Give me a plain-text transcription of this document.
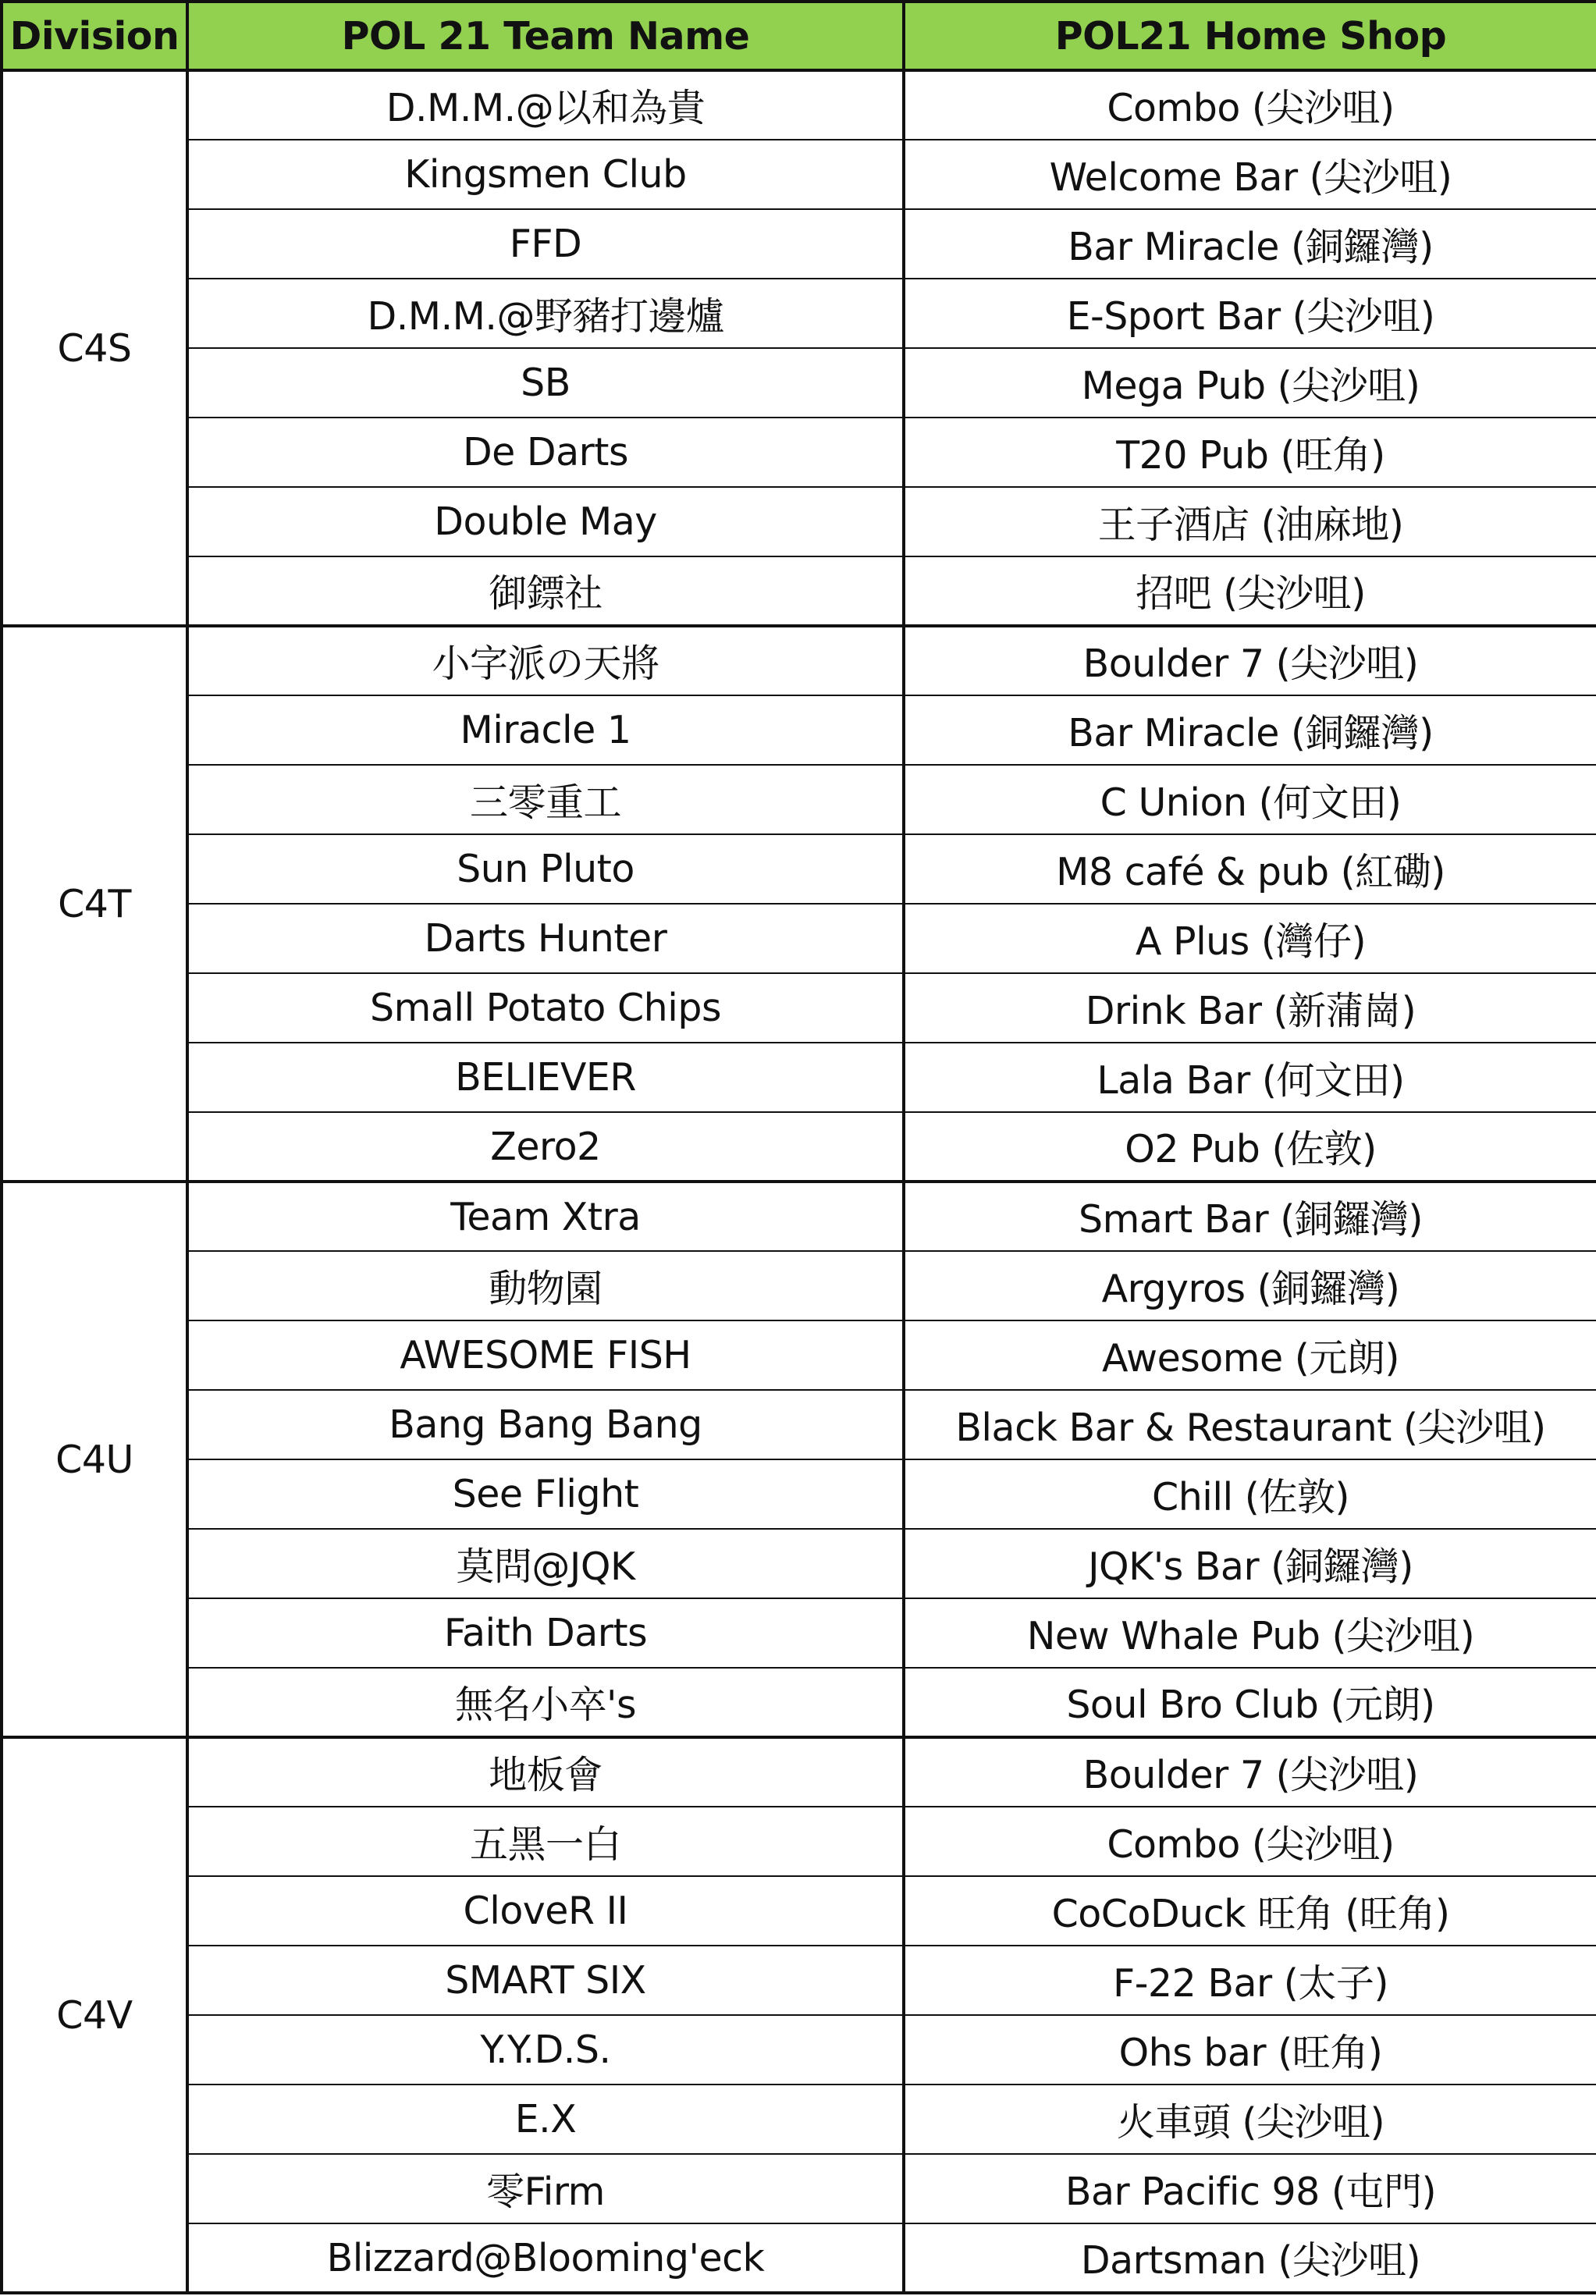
Division	POL 21 Team Name	POL21 Home Shop
C4S	D.M.M.@以和為貴	Combo (尖沙咀)
	Kingsmen Club	Welcome Bar (尖沙咀)
	FFD	Bar Miracle (銅鑼灣)
	D.M.M.@野豬打邊爐	E-Sport Bar (尖沙咀)
	SB	Mega Pub (尖沙咀)
	De Darts	T20 Pub (旺角)
	Double May	王子酒店 (油麻地)
	御鏢社	招吧 (尖沙咀)
C4T	小字派の天將	Boulder 7 (尖沙咀)
	Miracle 1	Bar Miracle (銅鑼灣)
	三零重工	C Union (何文田)
	Sun Pluto	M8 café & pub (紅磡)
	Darts Hunter	A Plus (灣仔)
	Small Potato Chips	Drink Bar (新蒲崗)
	BELIEVER	Lala Bar (何文田)
	Zero2	O2 Pub (佐敦)
C4U	Team Xtra	Smart Bar (銅鑼灣)
	動物園	Argyros (銅鑼灣)
	AWESOME FISH	Awesome (元朗)
	Bang Bang Bang	Black Bar & Restaurant (尖沙咀)
	See Flight	Chill (佐敦)
	莫問@JQK	JQK's Bar (銅鑼灣)
	Faith Darts	New Whale Pub (尖沙咀)
	無名小卒's	Soul Bro Club (元朗)
C4V	地板會	Boulder 7 (尖沙咀)
	五黑一白	Combo (尖沙咀)
	CloveR II	CoCoDuck 旺角 (旺角)
	SMART SIX	F-22 Bar (太子)
	Y.Y.D.S.	Ohs bar (旺角)
	E.X	火車頭 (尖沙咀)
	零Firm	Bar Pacific 98 (屯門)
	Blizzard@Blooming'eck	Dartsman (尖沙咀)
